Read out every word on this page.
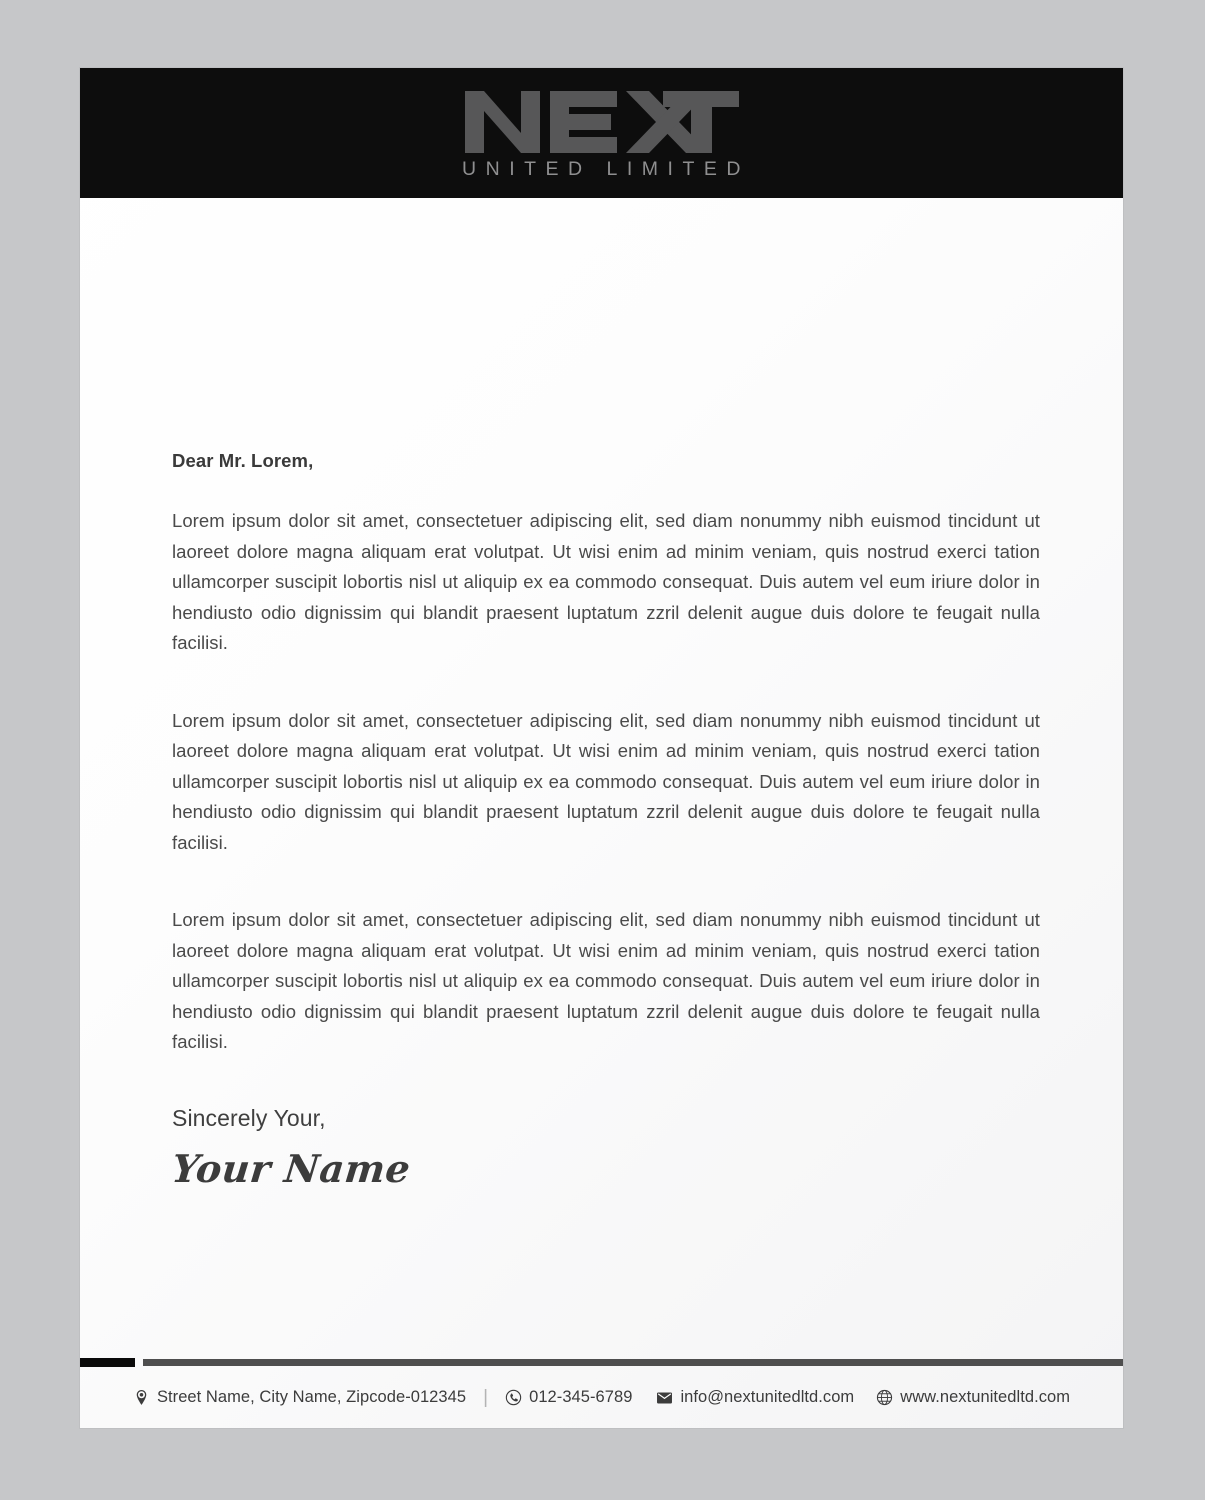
UNITED LIMITED

Dear Mr. Lorem,

Lorem ipsum dolor sit amet, consectetuer adipiscing elit, sed diam nonummy nibh euismod tincidunt ut laoreet dolore magna aliquam erat volutpat. Ut wisi enim ad minim veniam, quis nostrud exerci tation ullamcorper suscipit lobortis nisl ut aliquip ex ea commodo consequat. Duis autem vel eum iriure dolor in hendiusto odio dignissim qui blandit praesent luptatum zzril delenit augue duis dolore te feugait nulla facilisi.

Lorem ipsum dolor sit amet, consectetuer adipiscing elit, sed diam nonummy nibh euismod tincidunt ut laoreet dolore magna aliquam erat volutpat. Ut wisi enim ad minim veniam, quis nostrud exerci tation ullamcorper suscipit lobortis nisl ut aliquip ex ea commodo consequat. Duis autem vel eum iriure dolor in hendiusto odio dignissim qui blandit praesent luptatum zzril delenit augue duis dolore te feugait nulla facilisi.

Lorem ipsum dolor sit amet, consectetuer adipiscing elit, sed diam nonummy nibh euismod tincidunt ut laoreet dolore magna aliquam erat volutpat. Ut wisi enim ad minim veniam, quis nostrud exerci tation ullamcorper suscipit lobortis nisl ut aliquip ex ea commodo consequat. Duis autem vel eum iriure dolor in hendiusto odio dignissim qui blandit praesent luptatum zzril delenit augue duis dolore te feugait nulla facilisi.

Sincerely Your,

Your Name
Street Name, City Name, Zipcode-012345 | 012-345-6789	info@nextunitedltd.com	www.nextunitedltd.com
